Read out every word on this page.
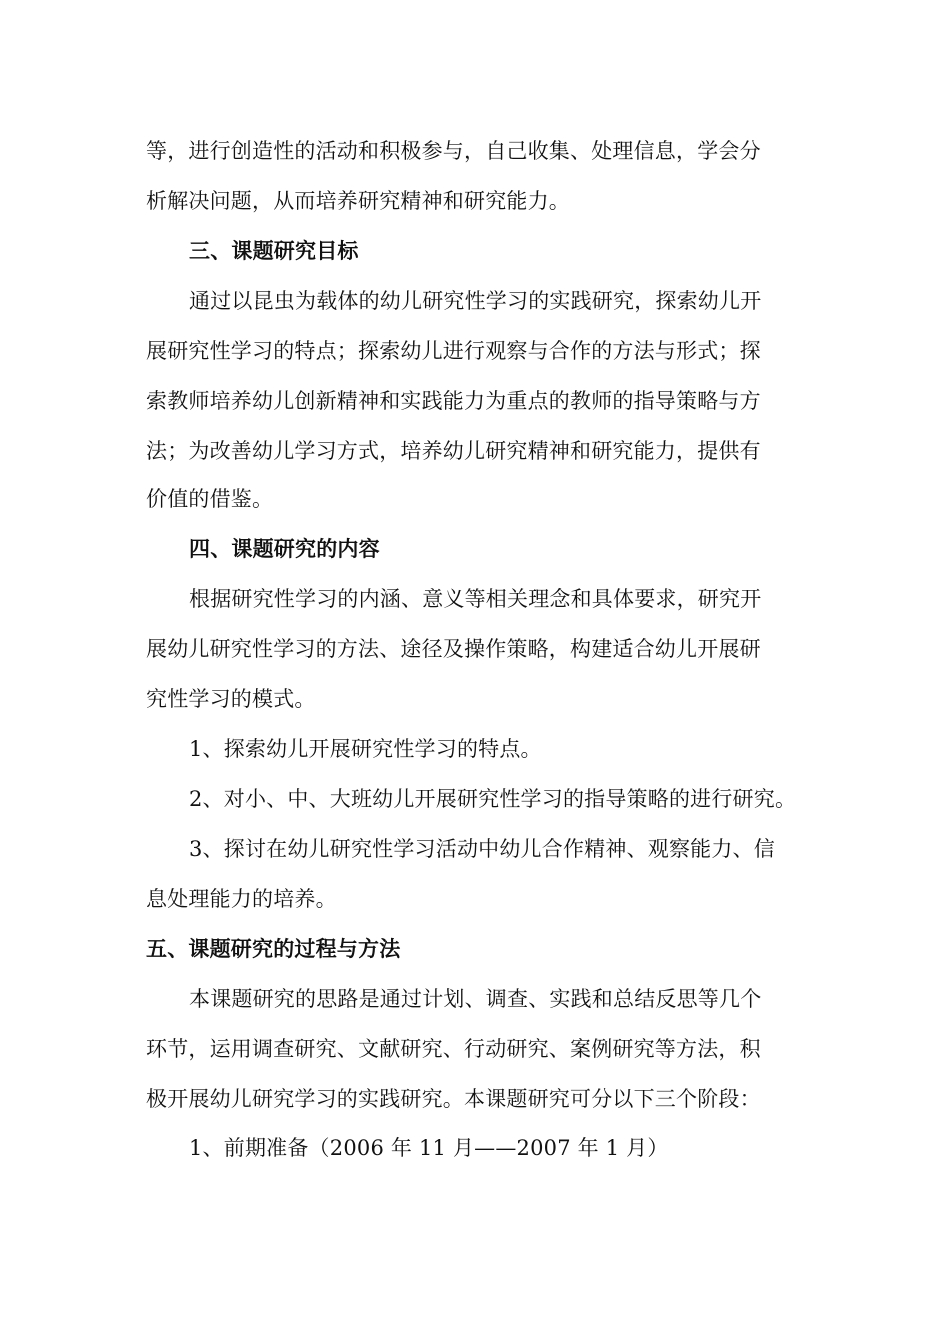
等，进行创造性的活动和积极参与，自己收集、处理信息，学会分
析解决问题，从而培养研究精神和研究能力。
三、课题研究目标
通过以昆虫为载体的幼儿研究性学习的实践研究，探索幼儿开
展研究性学习的特点；探索幼儿进行观察与合作的方法与形式；探
索教师培养幼儿创新精神和实践能力为重点的教师的指导策略与方
法；为改善幼儿学习方式，培养幼儿研究精神和研究能力，提供有
价值的借鉴。
四、课题研究的内容
根据研究性学习的内涵、意义等相关理念和具体要求，研究开
展幼儿研究性学习的方法、途径及操作策略，构建适合幼儿开展研
究性学习的模式。
1、探索幼儿开展研究性学习的特点。
2、对小、中、大班幼儿开展研究性学习的指导策略的进行研究。
3、探讨在幼儿研究性学习活动中幼儿合作精神、观察能力、信
息处理能力的培养。
五、课题研究的过程与方法
本课题研究的思路是通过计划、调查、实践和总结反思等几个
环节，运用调查研究、文献研究、行动研究、案例研究等方法，积
极开展幼儿研究学习的实践研究。本课题研究可分以下三个阶段：
1、前期准备（2006 年 11 月——2007 年 1 月）
